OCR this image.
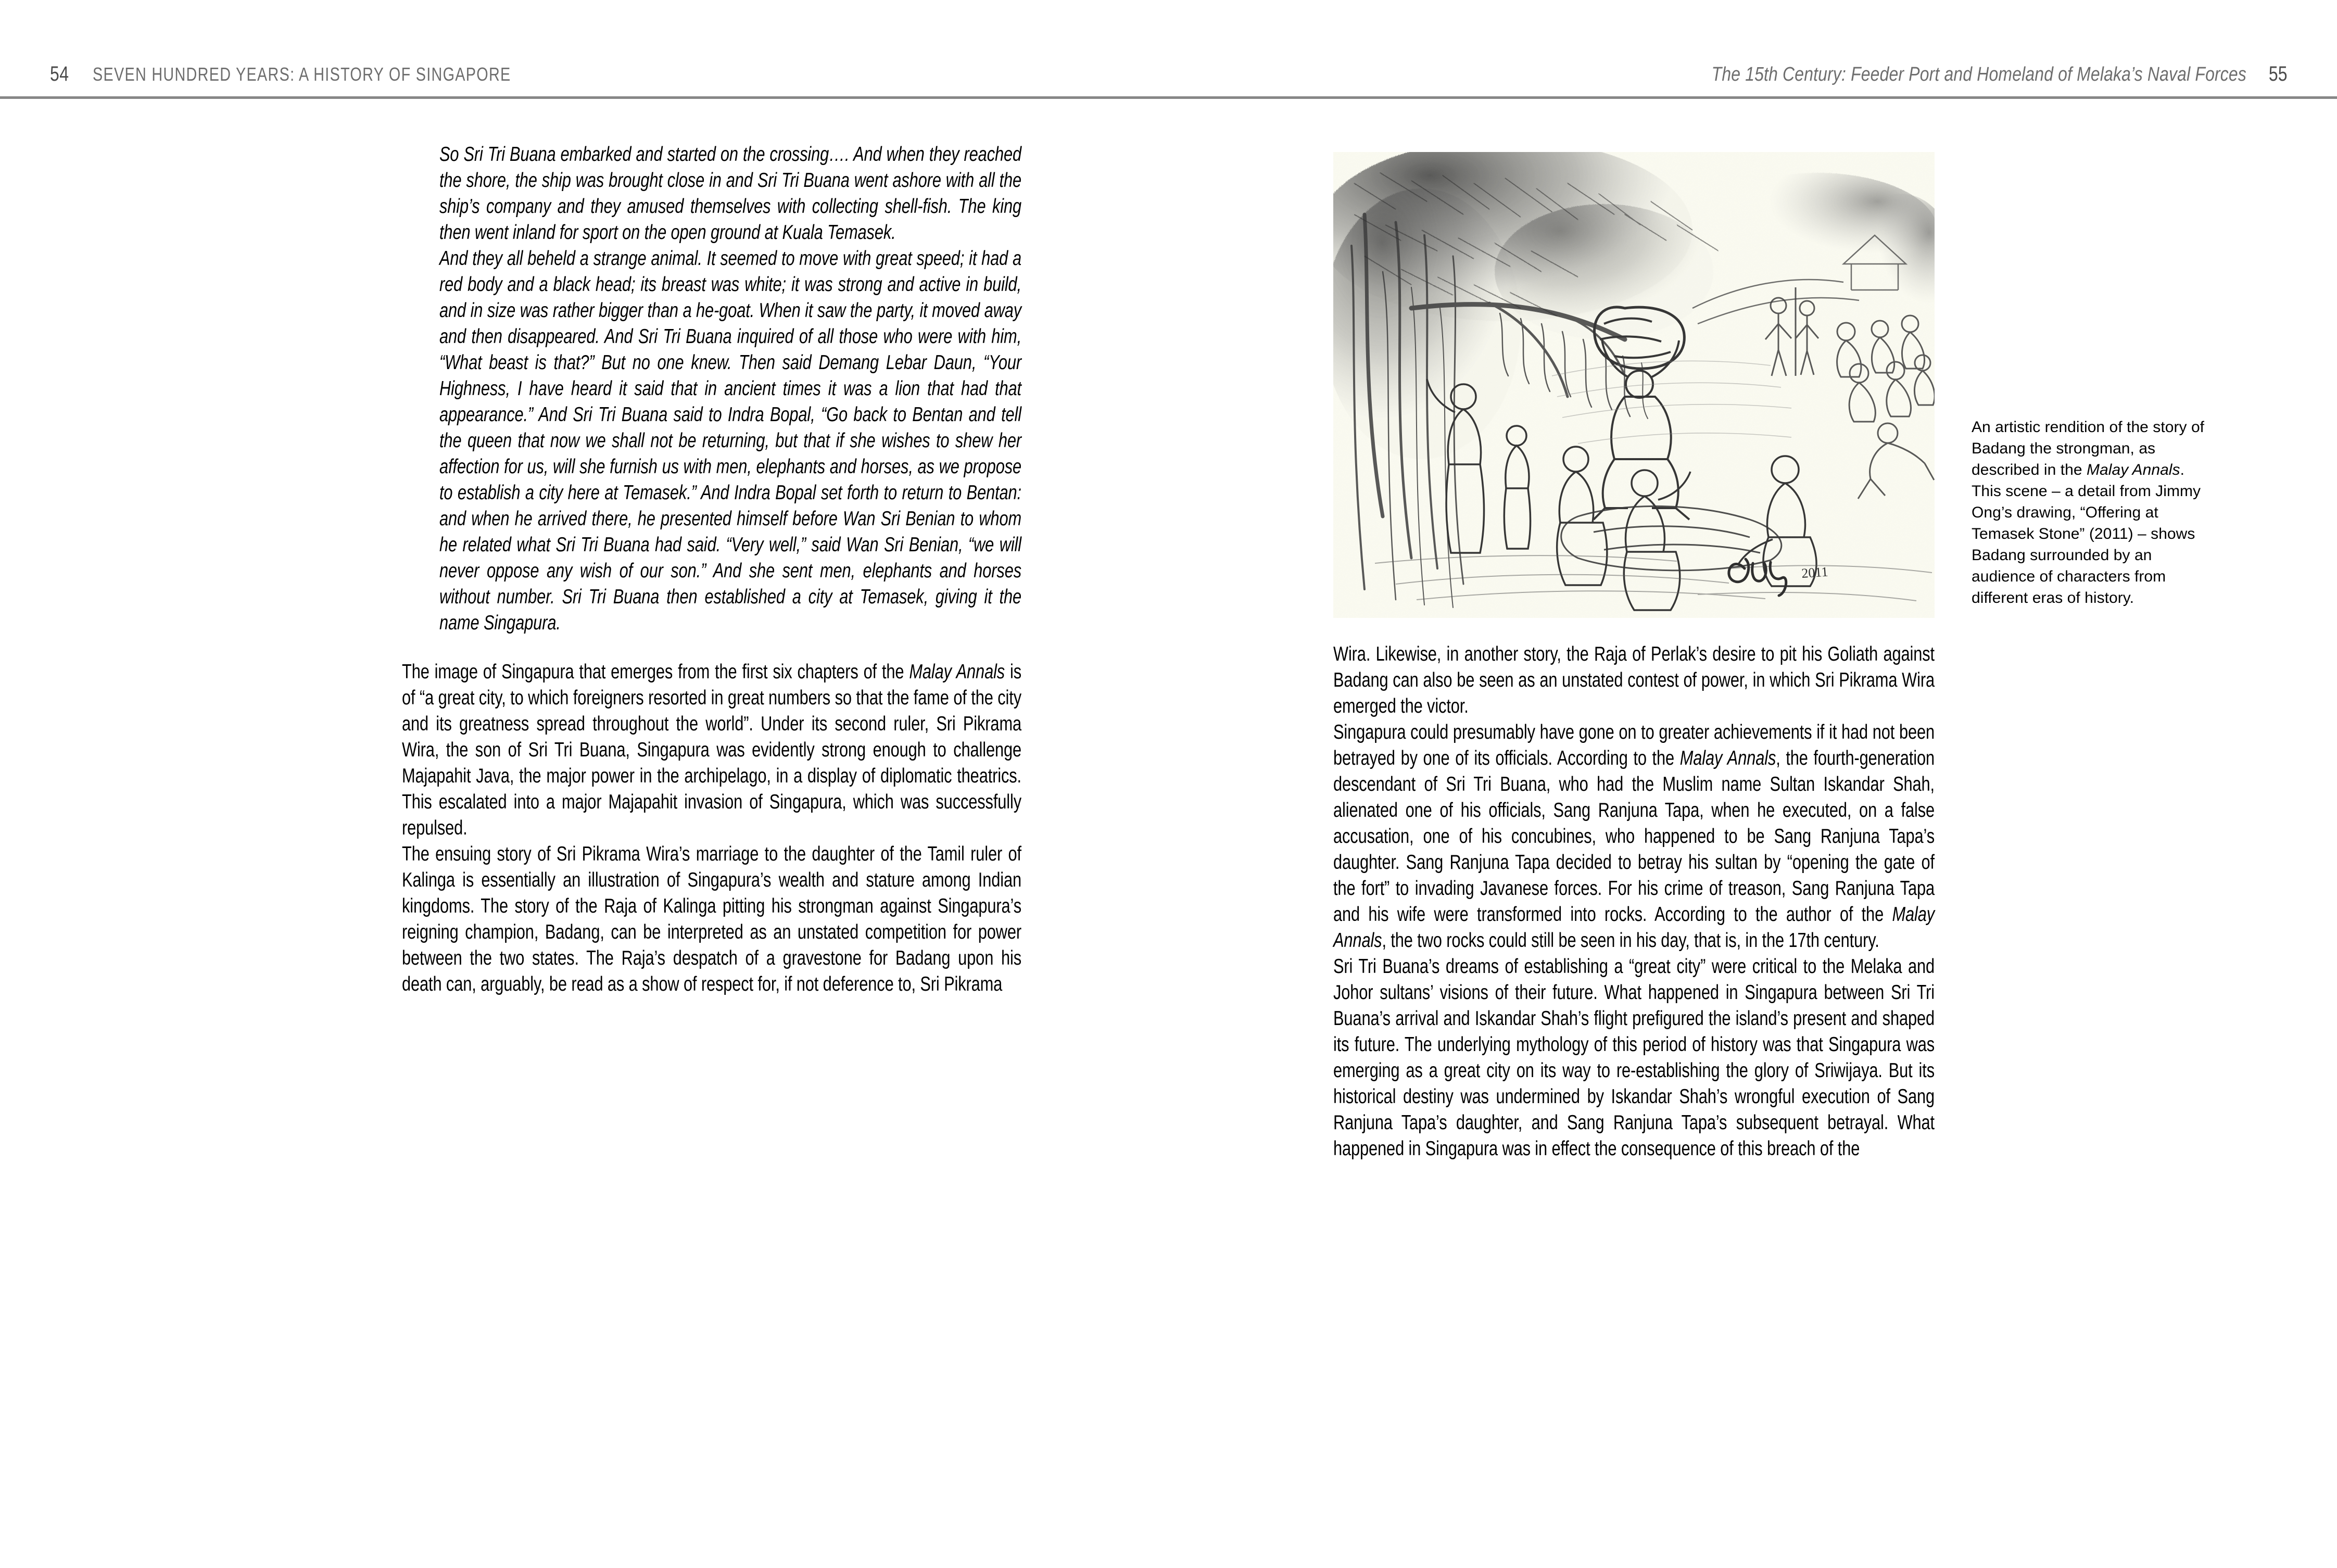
54 SEVEN HUNDRED YEARS: A HISTORY OF SINGAPORE	The 15th Century: Feeder Port and Homeland of Melaka’s Naval Forces 55

So Sri Tri Buana embarked and started on the crossing…. And when they reached the shore, the ship was brought close in and Sri Tri Buana went ashore with all the ship’s company and they amused themselves with collecting shell-fish. The king then went inland for sport on the open ground at Kuala Temasek.

And they all beheld a strange animal. It seemed to move with great speed; it had a red body and a black head; its breast was white; it was strong and active in build, and in size was rather bigger than a he-goat. When it saw the party, it moved away and then disappeared. And Sri Tri Buana inquired of all those who were with him, “What beast is that?” But no one knew. Then said Demang Lebar Daun, “Your Highness, I have heard it said that in ancient times it was a lion that had that appearance.” And Sri Tri Buana said to Indra Bopal, “Go back to Bentan and tell the queen that now we shall not be returning, but that if she wishes to shew her affection for us, will she furnish us with men, elephants and horses, as we propose to establish a city here at Temasek.” And Indra Bopal set forth to return to Bentan: and when he arrived there, he presented himself before Wan Sri Benian to whom he related what Sri Tri Buana had said. “Very well,” said Wan Sri Benian, “we will never oppose any wish of our son.” And she sent men, elephants and horses without number. Sri Tri Buana then established a city at Temasek, giving it the name Singapura.

The image of Singapura that emerges from the first six chapters of the Malay Annals is of “a great city, to which foreigners resorted in great numbers so that the fame of the city and its greatness spread throughout the world”. Under its second ruler, Sri Pikrama Wira, the son of Sri Tri Buana, Singapura was evidently strong enough to challenge Majapahit Java, the major power in the archipelago, in a display of diplomatic theatrics. This escalated into a major Majapahit invasion of Singapura, which was successfully repulsed.

The ensuing story of Sri Pikrama Wira’s marriage to the daughter of the Tamil ruler of Kalinga is essentially an illustration of Singapura’s wealth and stature among Indian kingdoms. The story of the Raja of Kalinga pitting his strongman against Singapura’s reigning champion, Badang, can be interpreted as an unstated competition for power between the two states. The Raja’s despatch of a gravestone for Badang upon his death can, arguably, be read as a show of respect for, if not deference to, Sri Pikrama

2011

An artistic rendition of the story of Badang the strongman, as described in the Malay Annals. This scene – a detail from Jimmy Ong’s drawing, “Offering at Temasek Stone” (2011) – shows Badang surrounded by an audience of characters from different eras of history.

Wira. Likewise, in another story, the Raja of Perlak’s desire to pit his Goliath against Badang can also be seen as an unstated contest of power, in which Sri Pikrama Wira emerged the victor.

Singapura could presumably have gone on to greater achievements if it had not been betrayed by one of its officials. According to the Malay Annals, the fourth-generation descendant of Sri Tri Buana, who had the Muslim name Sultan Iskandar Shah, alienated one of his officials, Sang Ranjuna Tapa, when he executed, on a false accusation, one of his concubines, who happened to be Sang Ranjuna Tapa’s daughter. Sang Ranjuna Tapa decided to betray his sultan by “opening the gate of the fort” to invading Javanese forces. For his crime of treason, Sang Ranjuna Tapa and his wife were transformed into rocks. According to the author of the Malay Annals, the two rocks could still be seen in his day, that is, in the 17th century.

Sri Tri Buana’s dreams of establishing a “great city” were critical to the Melaka and Johor sultans’ visions of their future. What happened in Singapura between Sri Tri Buana’s arrival and Iskandar Shah’s flight prefigured the island’s present and shaped its future. The underlying mythology of this period of history was that Singapura was emerging as a great city on its way to re-establishing the glory of Sriwijaya. But its historical destiny was undermined by Iskandar Shah’s wrongful execution of Sang Ranjuna Tapa’s daughter, and Sang Ranjuna Tapa’s subsequent betrayal. What happened in Singapura was in effect the consequence of this breach of the
